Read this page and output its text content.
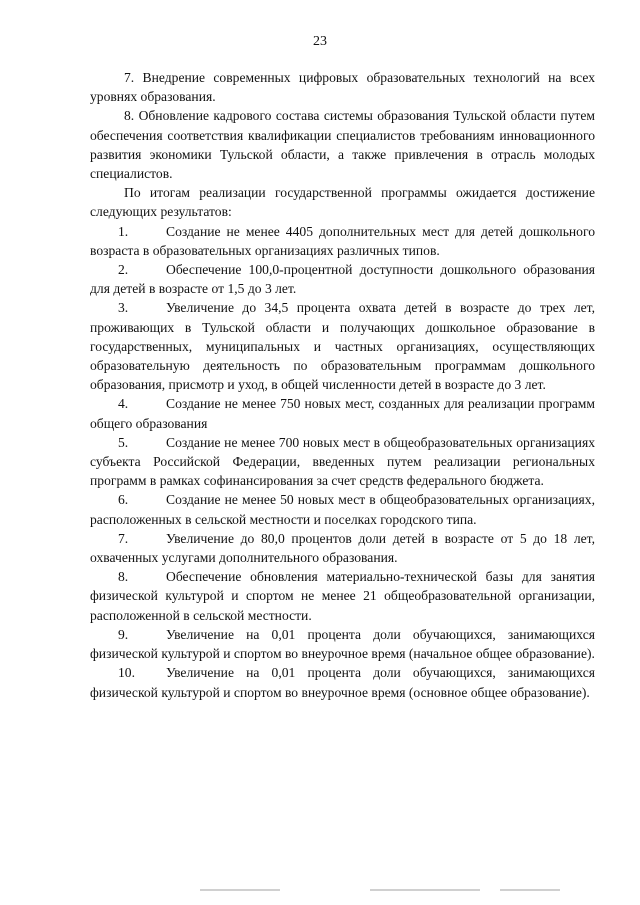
23

7. Внедрение современных цифровых образовательных технологий на всех уровнях образования.

8. Обновление кадрового состава системы образования Тульской области путем обеспечения соответствия квалификации специалистов требованиям инновационного развития экономики Тульской области, а также привлечения в отрасль молодых специалистов.

По итогам реализации государственной программы ожидается достижение следующих результатов:

1.	Создание не менее 4405 дополнительных мест для детей дошкольного возраста в образовательных организациях различных типов.

2.	Обеспечение 100,0-процентной доступности дошкольного образования для детей в возрасте от 1,5 до 3 лет.

3.	Увеличение до 34,5 процента охвата детей в возрасте до трех лет, проживающих в Тульской области и получающих дошкольное образование в государственных, муниципальных и частных организациях, осуществляющих образовательную деятельность по образовательным программам дошкольного образования, присмотр и уход, в общей численности детей в возрасте до 3 лет.

4.	Создание не менее 750 новых мест, созданных для реализации программ общего образования

5.	Создание не менее 700 новых мест в общеобразовательных организациях субъекта Российской Федерации, введенных путем реализации региональных программ в рамках софинансирования за счет средств федерального бюджета.

6.	Создание не менее 50 новых мест в общеобразовательных организациях, расположенных в сельской местности и поселках городского типа.

7.	Увеличение до 80,0 процентов доли детей в возрасте от 5 до 18 лет, охваченных услугами дополнительного образования.

8.	Обеспечение обновления материально-технической базы для занятия физической культурой и спортом не менее 21 общеобразовательной организации, расположенной в сельской местности.

9.	Увеличение на 0,01 процента доли обучающихся, занимающихся физической культурой и спортом во внеурочное время (начальное общее образование).

10. Увеличение на 0,01 процента доли обучающихся, занимающихся физической культурой и спортом во внеурочное время (основное общее образование).
